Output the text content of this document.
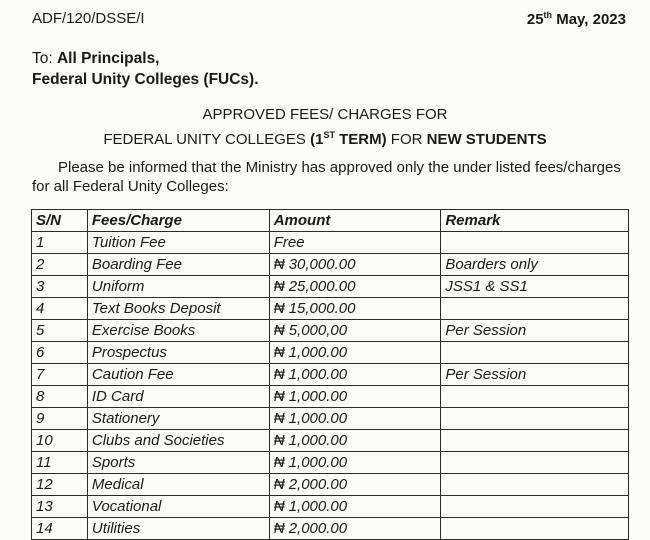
ADF/120/DSSE/I	25th May, 2023
To: All Principals,
Federal Unity Colleges (FUCs).
APPROVED FEES/ CHARGES FOR
FEDERAL UNITY COLLEGES (1ST TERM) FOR NEW STUDENTS
Please be informed that the Ministry has approved only the under listed fees/charges
for all Federal Unity Colleges:
S/N	Fees/Charge	Amount	Remark
1	Tuition Fee	Free	
2	Boarding Fee	₦ 30,000.00	Boarders only
3	Uniform	₦ 25,000.00	JSS1 & SS1
4	Text Books Deposit	₦ 15,000.00	
5	Exercise Books	₦ 5,000,00	Per Session
6	Prospectus	₦ 1,000.00	
7	Caution Fee	₦ 1,000.00	Per Session
8	ID Card	₦ 1,000.00	
9	Stationery	₦ 1,000.00	
10	Clubs and Societies	₦ 1,000.00	
11	Sports	₦ 1,000.00	
12	Medical	₦ 2,000.00	
13	Vocational	₦ 1,000.00	
14	Utilities	₦ 2,000.00	
